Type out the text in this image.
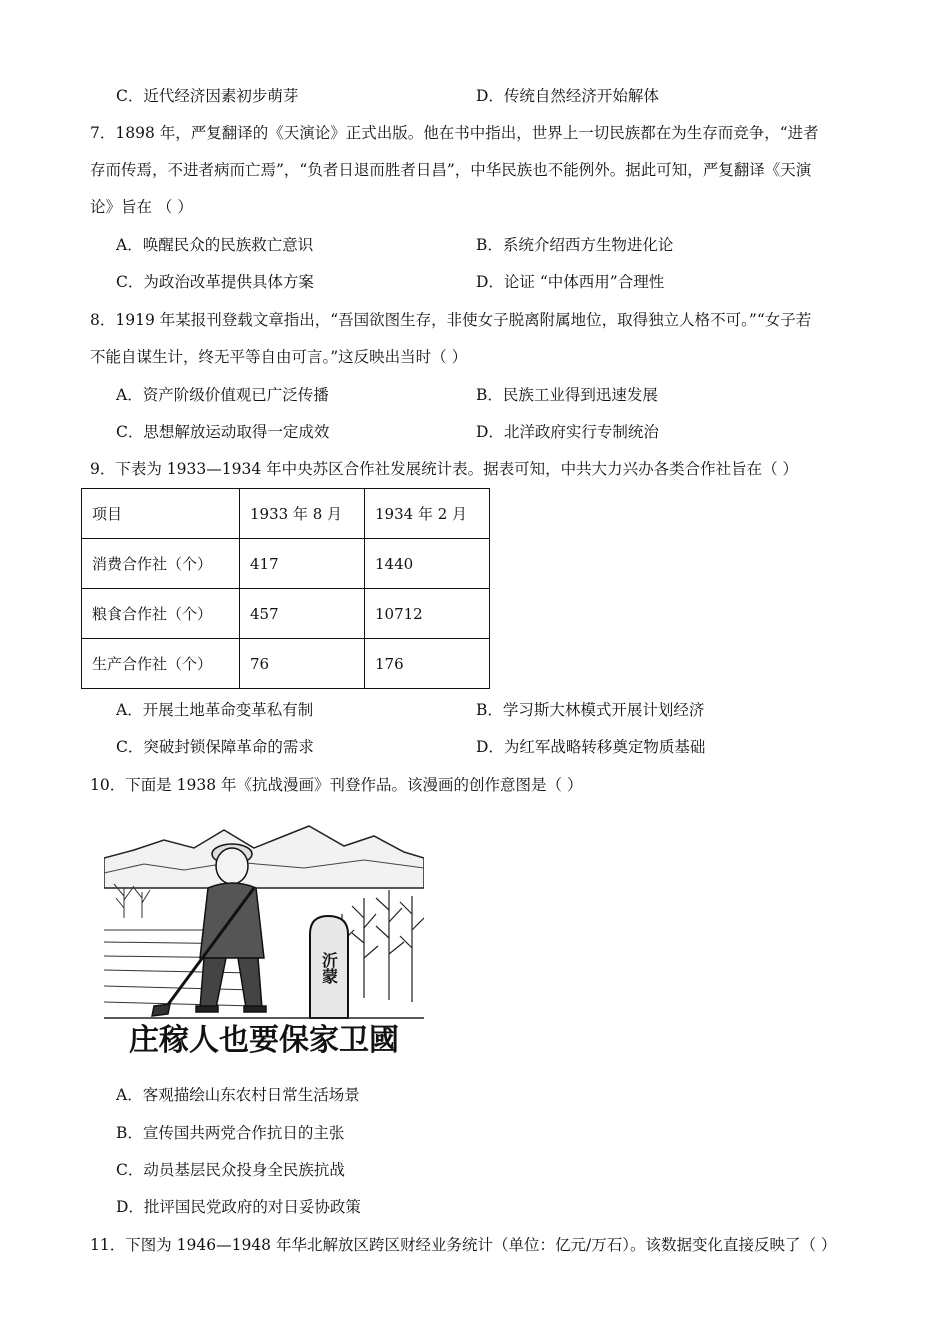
C．近代经济因素初步萌芽	D．传统自然经济开始解体
7．1898 年，严复翻译的《天演论》正式出版。他在书中指出，世界上一切民族都在为生存而竞争，“进者
存而传焉，不进者病而亡焉”，“负者日退而胜者日昌”，中华民族也不能例外。据此可知，严复翻译《天演
论》旨在 （ ）
A．唤醒民众的民族救亡意识	B．系统介绍西方生物进化论
C．为政治改革提供具体方案	D．论证 “中体西用”合理性
8．1919 年某报刊登载文章指出，“吾国欲图生存，非使女子脱离附属地位，取得独立人格不可。”“女子若
不能自谋生计，终无平等自由可言。”这反映出当时（ ）
A．资产阶级价值观已广泛传播	B．民族工业得到迅速发展
C．思想解放运动取得一定成效	D．北洋政府实行专制统治
9．下表为 1933—1934 年中央苏区合作社发展统计表。据表可知，中共大力兴办各类合作社旨在（ ）
项目	1933 年 8 月	1934 年 2 月
消费合作社（个）	417	1440
粮食合作社（个）	457	10712
生产合作社（个）	76	176
A．开展土地革命变革私有制	B．学习斯大林模式开展计划经济
C．突破封锁保障革命的需求	D．为红军战略转移奠定物质基础
10．下面是 1938 年《抗战漫画》刊登作品。该漫画的创作意图是（ ）
沂蒙
庄稼人也要保家卫國
A．客观描绘山东农村日常生活场景
B．宣传国共两党合作抗日的主张
C．动员基层民众投身全民族抗战
D．批评国民党政府的对日妥协政策
11．下图为 1946—1948 年华北解放区跨区财经业务统计（单位：亿元/万石）。该数据变化直接反映了（ ）
